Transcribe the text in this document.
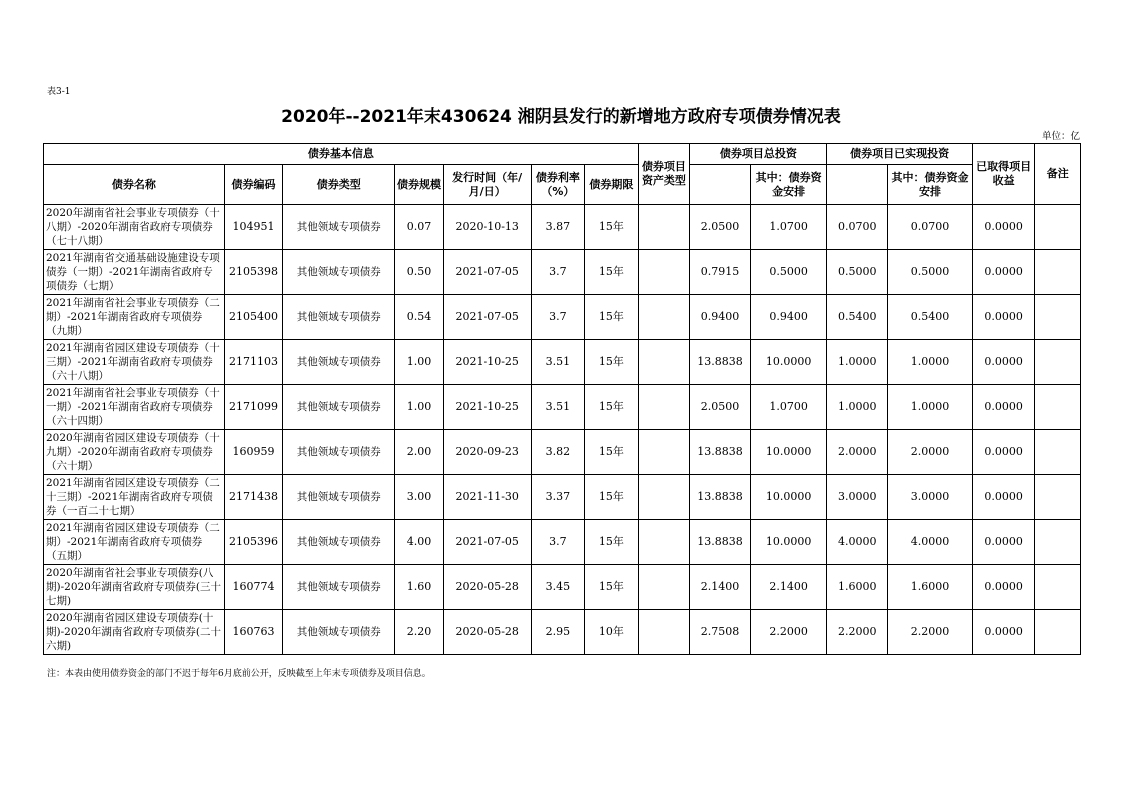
表3-1
2020年--2021年末430624 湘阴县发行的新增地方政府专项债券情况表
单位：亿
债券基本信息							债券项目资产类型	债券项目总投资		债券项目已实现投资		已取得项目收益	备注
债券名称	债券编码	债券类型	债券规模	发行时间（年/月/日）	债券利率（%）	债券期限			其中：债券资金安排		其中：债券资金安排		
2020年湖南省社会事业专项债券（十八期）-2020年湖南省政府专项债券（七十八期）	104951	其他领域专项债券	0.07	2020-10-13	3.87	15年		2.0500	1.0700	0.0700	0.0700	0.0000	
2021年湖南省交通基础设施建设专项债券（一期）-2021年湖南省政府专项债券（七期）	2105398	其他领域专项债券	0.50	2021-07-05	3.7	15年		0.7915	0.5000	0.5000	0.5000	0.0000	
2021年湖南省社会事业专项债券（二期）-2021年湖南省政府专项债券（九期）	2105400	其他领域专项债券	0.54	2021-07-05	3.7	15年		0.9400	0.9400	0.5400	0.5400	0.0000	
2021年湖南省园区建设专项债券（十三期）-2021年湖南省政府专项债券（六十八期）	2171103	其他领域专项债券	1.00	2021-10-25	3.51	15年		13.8838	10.0000	1.0000	1.0000	0.0000	
2021年湖南省社会事业专项债券（十一期）-2021年湖南省政府专项债券（六十四期）	2171099	其他领域专项债券	1.00	2021-10-25	3.51	15年		2.0500	1.0700	1.0000	1.0000	0.0000	
2020年湖南省园区建设专项债券（十九期）-2020年湖南省政府专项债券（六十期）	160959	其他领域专项债券	2.00	2020-09-23	3.82	15年		13.8838	10.0000	2.0000	2.0000	0.0000	
2021年湖南省园区建设专项债券（二十三期）-2021年湖南省政府专项债券（一百二十七期）	2171438	其他领域专项债券	3.00	2021-11-30	3.37	15年		13.8838	10.0000	3.0000	3.0000	0.0000	
2021年湖南省园区建设专项债券（二期）-2021年湖南省政府专项债券（五期）	2105396	其他领域专项债券	4.00	2021-07-05	3.7	15年		13.8838	10.0000	4.0000	4.0000	0.0000	
2020年湖南省社会事业专项债券(八期)-2020年湖南省政府专项债券(三十七期)	160774	其他领域专项债券	1.60	2020-05-28	3.45	15年		2.1400	2.1400	1.6000	1.6000	0.0000	
2020年湖南省园区建设专项债券(十期)-2020年湖南省政府专项债券(二十六期)	160763	其他领域专项债券	2.20	2020-05-28	2.95	10年		2.7508	2.2000	2.2000	2.2000	0.0000	
注：本表由使用债券资金的部门不迟于每年6月底前公开，反映截至上年末专项债券及项目信息。
